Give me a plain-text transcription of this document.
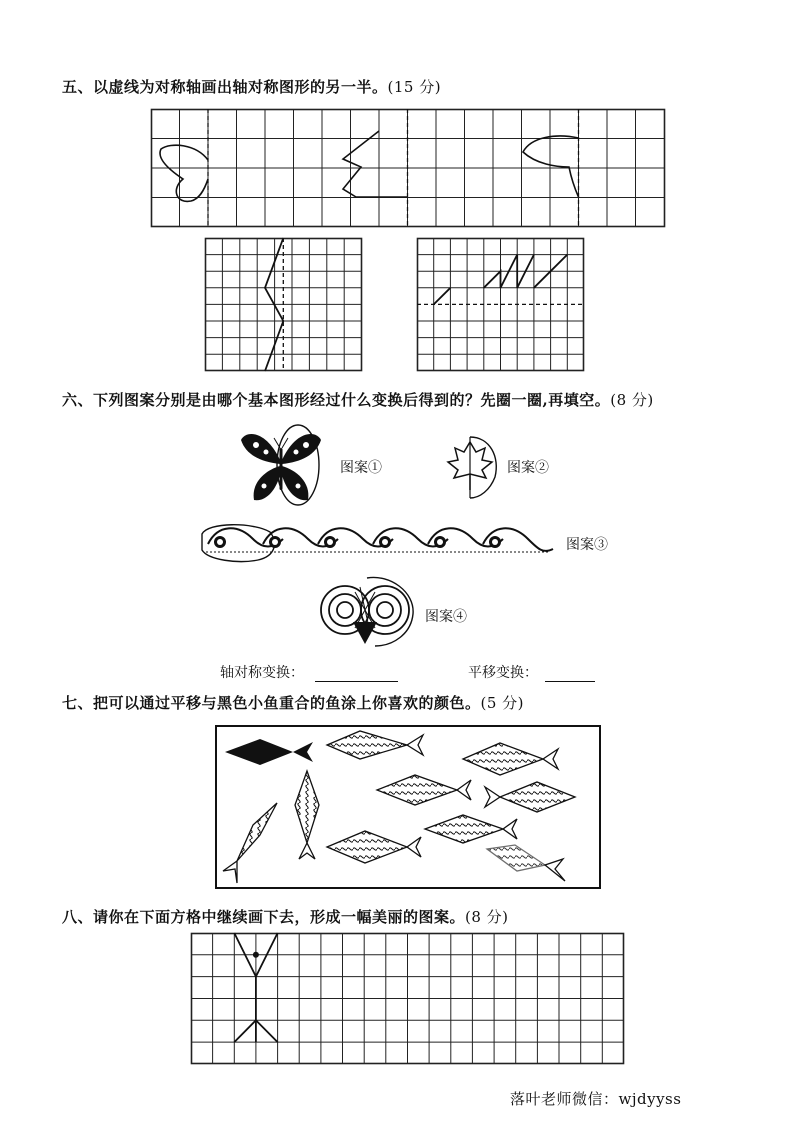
五、以虚线为对称轴画出轴对称图形的另一半。(15 分)
六、下列图案分别是由哪个基本图形经过什么变换后得到的？先圈一圈,再填空。(8 分)
图案①	图案②
图案③
图案④
轴对称变换：	平移变换：
七、把可以通过平移与黑色小鱼重合的鱼涂上你喜欢的颜色。(5 分)
八、请你在下面方格中继续画下去，形成一幅美丽的图案。(8 分)
落叶老师微信：wjdyyss
